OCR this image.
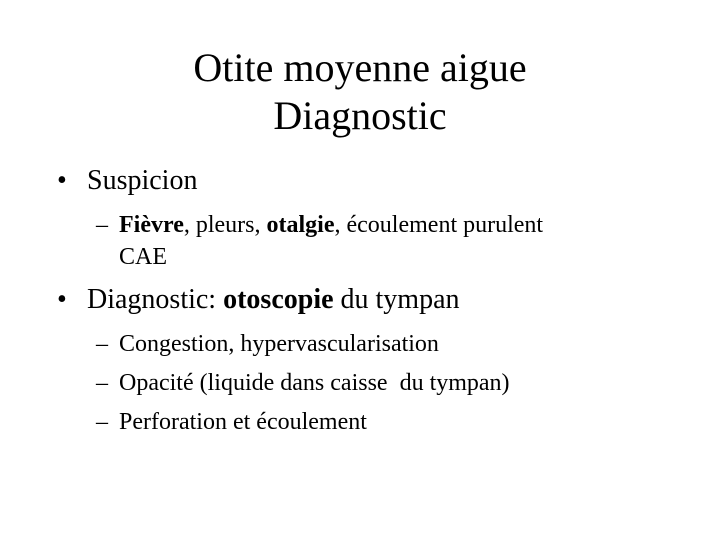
Otite moyenne aigue
Diagnostic
• Suspicion
– Fièvre, pleurs, otalgie, écoulement purulent
CAE
• Diagnostic: otoscopie du tympan
– Congestion, hypervascularisation
– Opacité (liquide dans caisse  du tympan)
– Perforation et écoulement
